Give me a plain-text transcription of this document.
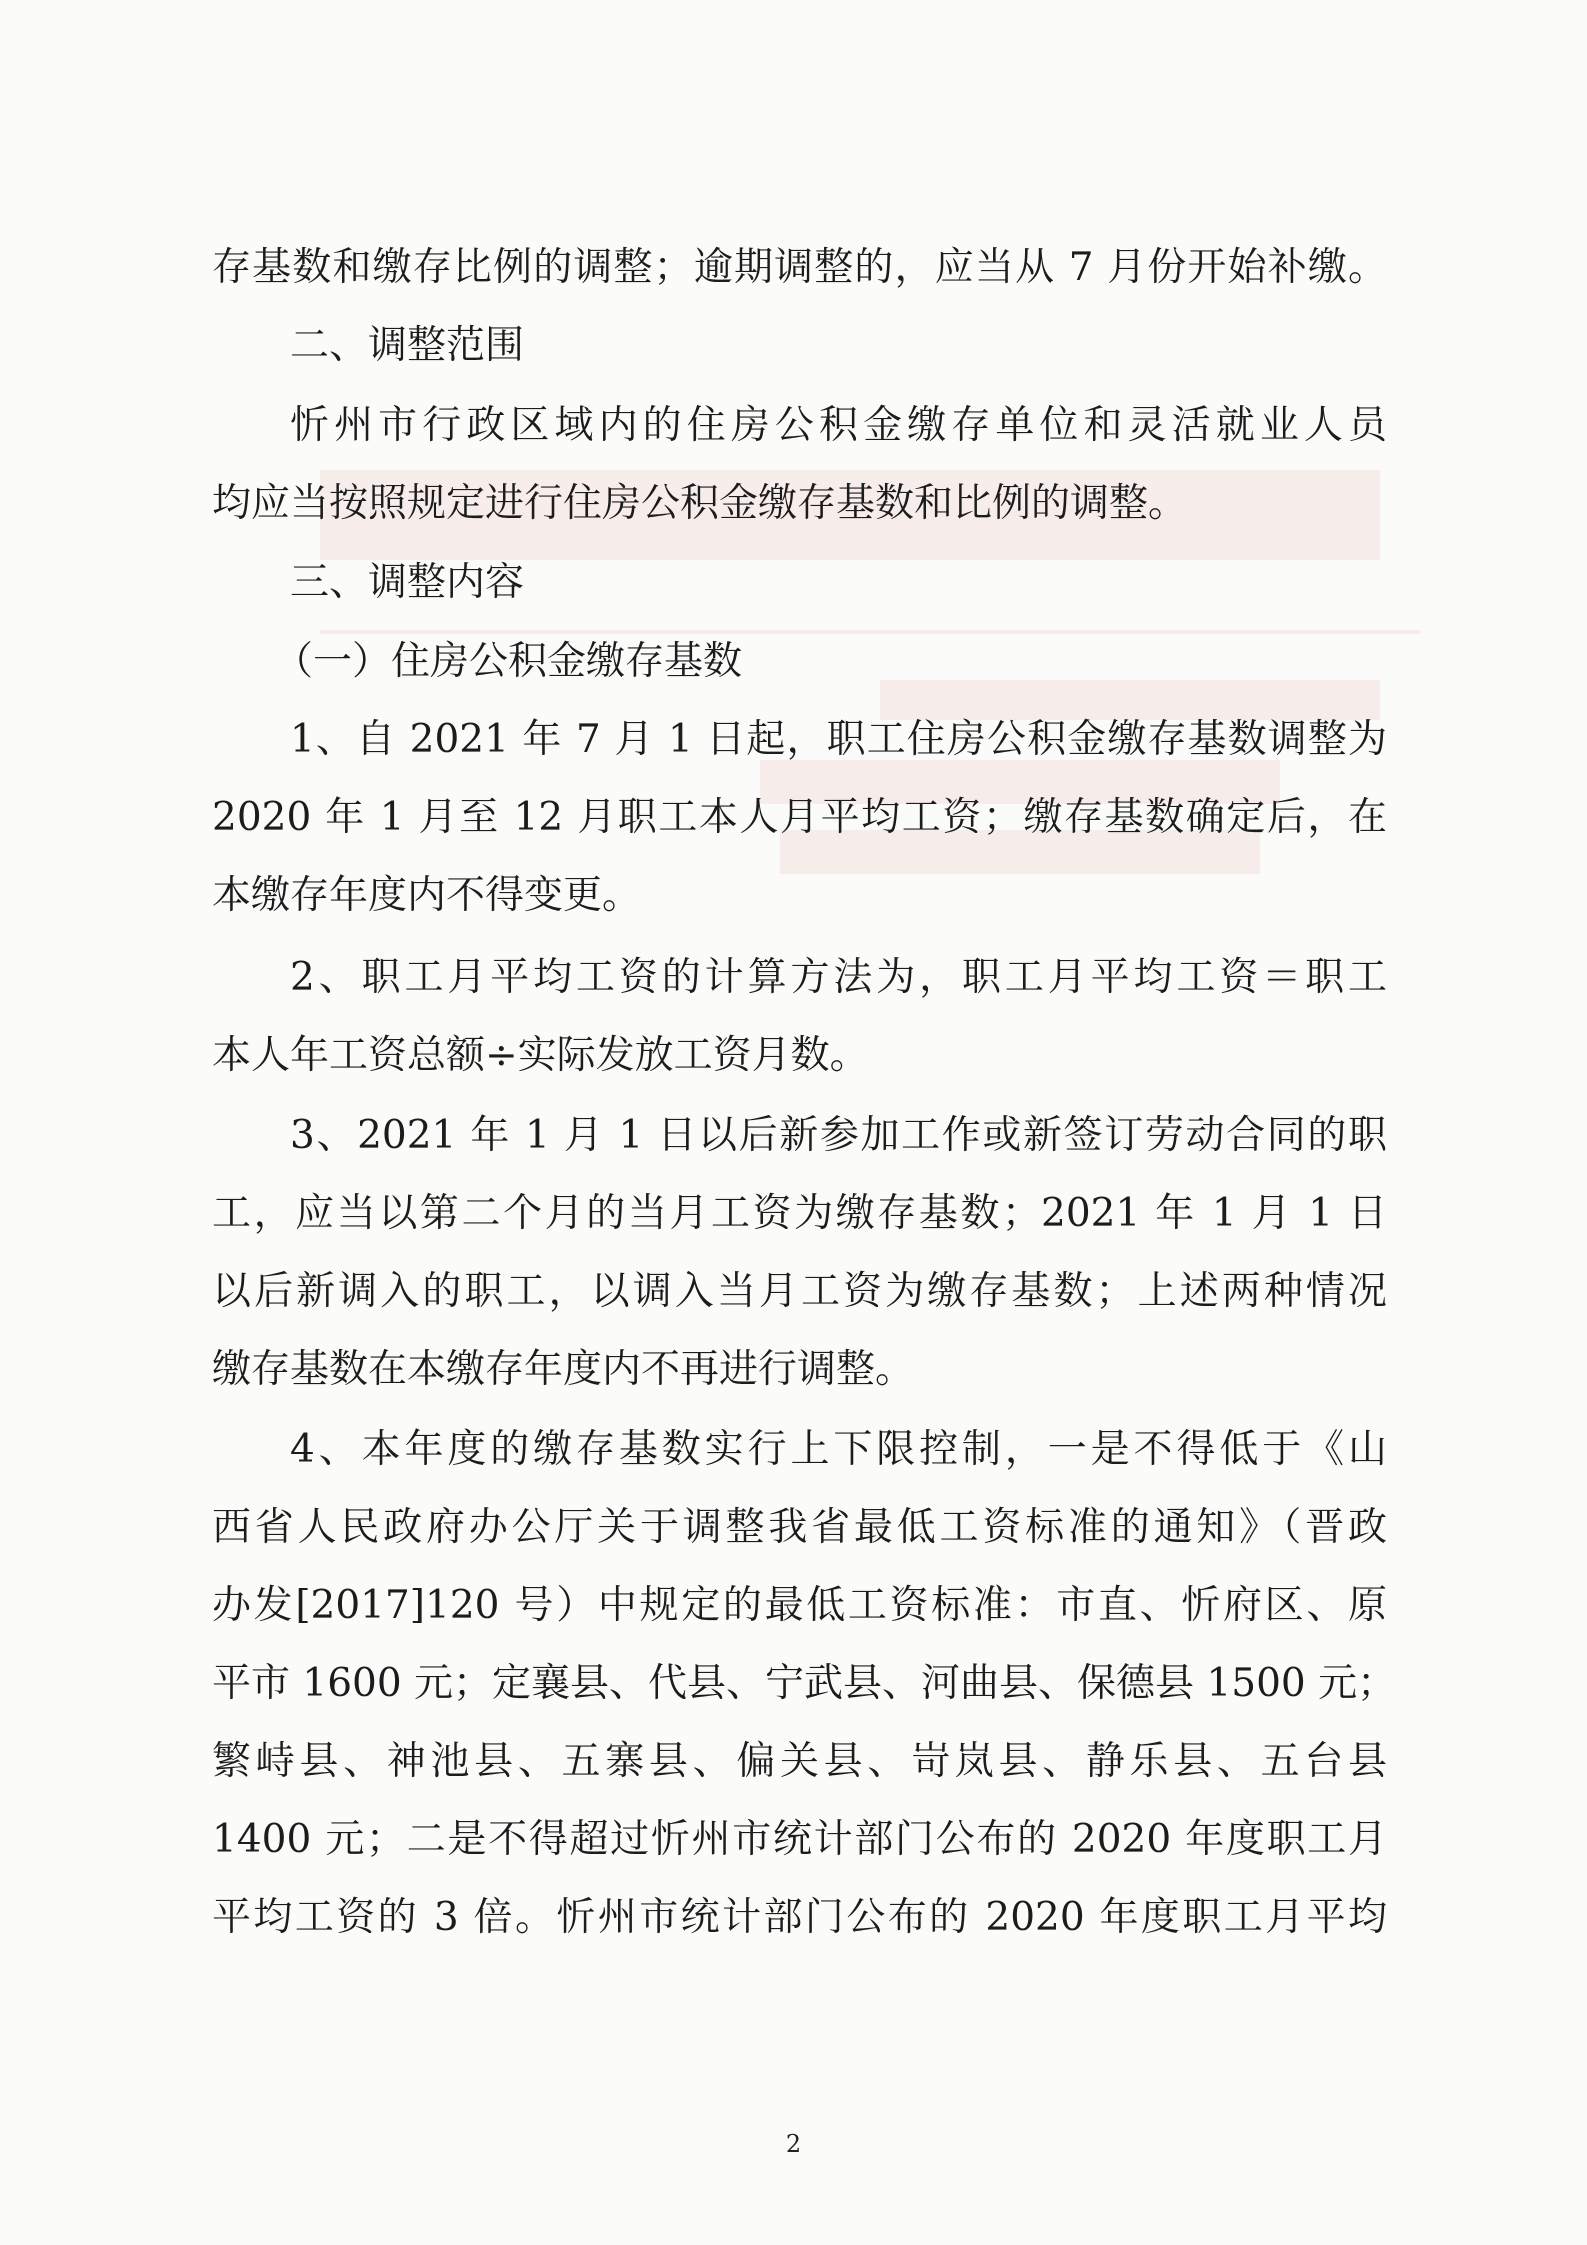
存基数和缴存比例的调整；逾期调整的，应当从 7 月份开始补缴。
二、调整范围
忻州市行政区域内的住房公积金缴存单位和灵活就业人员
均应当按照规定进行住房公积金缴存基数和比例的调整。
三、调整内容
（一）住房公积金缴存基数
1、自 2021 年 7 月 1 日起，职工住房公积金缴存基数调整为
2020 年 1 月至 12 月职工本人月平均工资；缴存基数确定后，在
本缴存年度内不得变更。
2、职工月平均工资的计算方法为，职工月平均工资＝职工
本人年工资总额÷实际发放工资月数。
3、2021 年 1 月 1 日以后新参加工作或新签订劳动合同的职
工，应当以第二个月的当月工资为缴存基数；2021 年 1 月 1 日
以后新调入的职工，以调入当月工资为缴存基数；上述两种情况
缴存基数在本缴存年度内不再进行调整。
4、本年度的缴存基数实行上下限控制，一是不得低于《山
西省人民政府办公厅关于调整我省最低工资标准的通知》（晋政
办发[2017]120 号）中规定的最低工资标准：市直、忻府区、原
平市 1600 元；定襄县、代县、宁武县、河曲县、保德县 1500 元；
繁峙县、神池县、五寨县、偏关县、岢岚县、静乐县、五台县
1400 元；二是不得超过忻州市统计部门公布的 2020 年度职工月
平均工资的 3 倍。忻州市统计部门公布的 2020 年度职工月平均
2
